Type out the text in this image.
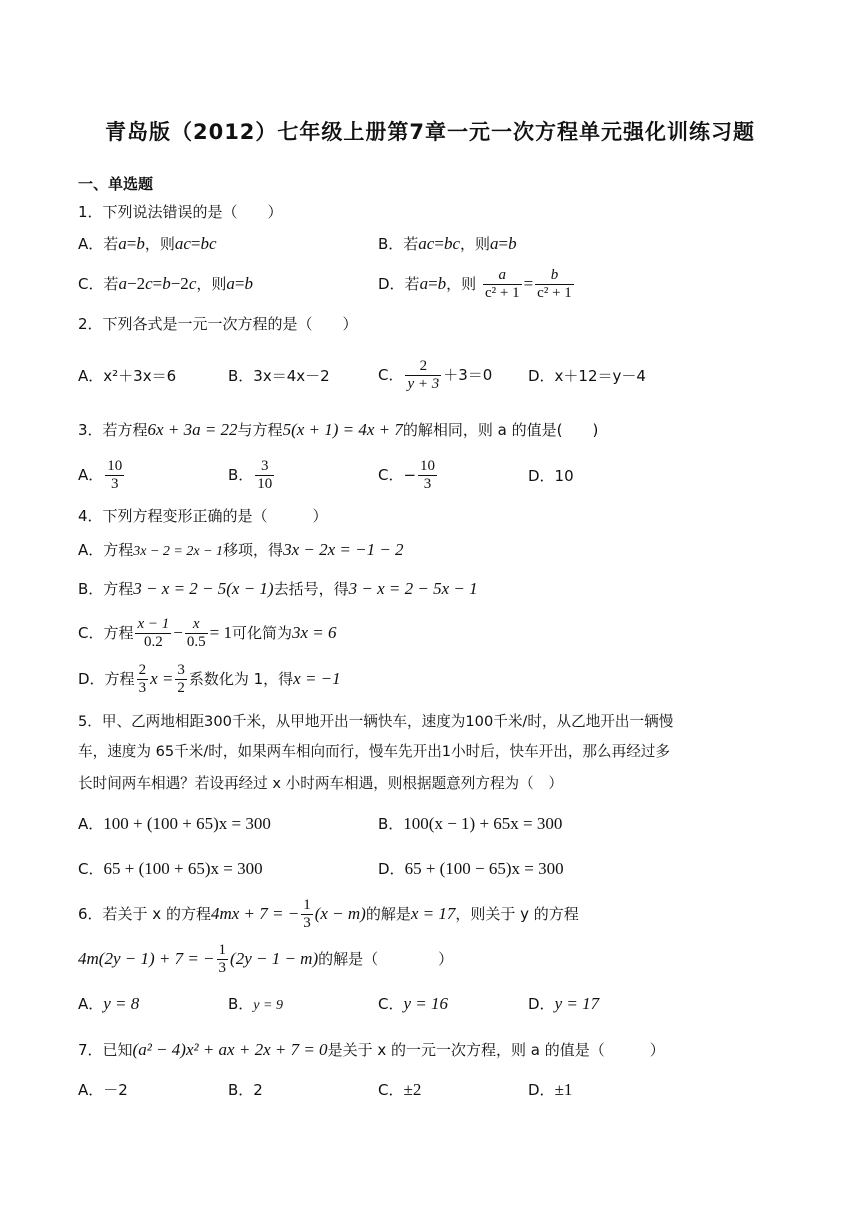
青岛版（2012）七年级上册第7章一元一次方程单元强化训练习题
一、单选题
1．下列说法错误的是（　　）
A．若a=b，则ac=bc	B．若ac=bc，则a=b
C．若a−2c=b−2c，则a=b	D．若a=b，则 $\frac{a}{\text{c² + 1}} = \frac{b}{\text{c² + 1}}$
2．下列各式是一元一次方程的是（　　）
A．x²＋3x＝6	B．3x＝4x－2	C． $\frac{2}{y + 3} +3=0$ D．x＋12＝y－4
3．若方程6x + 3a = 22与方程5(x + 1) = 4x + 7的解相同，则 a 的值是(　　)
A． $\frac{10}{3}$	B． $\frac{3}{10}$	C．− $\frac{10}{3}$	D．10
4．下列方程变形正确的是（　　　）
A．方程3x − 2 = 2x − 1移项，得3x − 2x = −1 − 2
B．方程3 − x = 2 − 5(x − 1)去括号，得3 − x = 2 − 5x − 1
C．方程 $\frac{x - 1}{0.2} - \frac{x}{0.5} = 1$可化简为3x = 6
D．方程 $\frac{2}{3}$ $x = \frac{3}{2}$ 系数化为 1，得x = −1
5．甲、乙两地相距300千米，从甲地开出一辆快车，速度为100千米/时，从乙地开出一辆慢
车，速度为 65千米/时，如果两车相向而行，慢车先开出1小时后，快车开出，那么再经过多
长时间两车相遇？若设再经过 x 小时两车相遇，则根据题意列方程为（　）
A．100 + (100 + 65)x = 300	B．100(x − 1) + 65x = 300
C．65 + (100 + 65)x = 300	D．65 + (100 − 65)x = 300
6．若关于 x 的方程4mx + 7 = − $\frac{1}{3} (x - m)$的解是x = 17，则关于 y 的方程
4m(2y − 1) + 7 = − $\frac{1}{3} (2y - 1 - m)$的解是（　　　　）
A．y = 8	B．y = 9	C．y = 16	D．y = 17
7．已知(a² − 4)x² + ax + 2x + 7 = 0是关于 x 的一元一次方程，则 a 的值是（　　　）
A．－2	B．2	C．±2	D．±1
